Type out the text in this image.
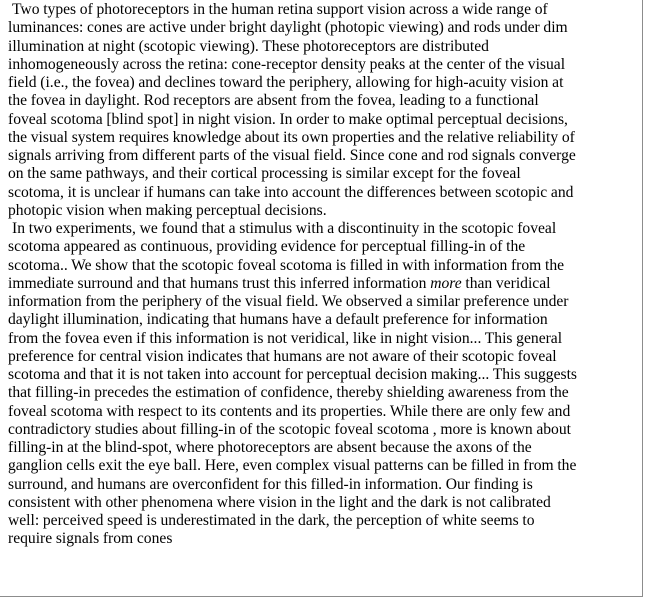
Two types of photoreceptors in the human retina support vision across a wide range of
luminances: cones are active under bright daylight (photopic viewing) and rods under dim
illumination at night (scotopic viewing). These photoreceptors are distributed
inhomogeneously across the retina: cone-receptor density peaks at the center of the visual
field (i.e., the fovea) and declines toward the periphery, allowing for high-acuity vision at
the fovea in daylight. Rod receptors are absent from the fovea, leading to a functional
foveal scotoma [blind spot] in night vision. In order to make optimal perceptual decisions,
the visual system requires knowledge about its own properties and the relative reliability of
signals arriving from different parts of the visual field. Since cone and rod signals converge
on the same pathways, and their cortical processing is similar except for the foveal
scotoma, it is unclear if humans can take into account the differences between scotopic and
photopic vision when making perceptual decisions.

In two experiments, we found that a stimulus with a discontinuity in the scotopic foveal
scotoma appeared as continuous, providing evidence for perceptual filling-in of the
scotoma.. We show that the scotopic foveal scotoma is filled in with information from the
immediate surround and that humans trust this inferred information more than veridical
information from the periphery of the visual field. We observed a similar preference under
daylight illumination, indicating that humans have a default preference for information
from the fovea even if this information is not veridical, like in night vision... This general
preference for central vision indicates that humans are not aware of their scotopic foveal
scotoma and that it is not taken into account for perceptual decision making... This suggests
that filling-in precedes the estimation of confidence, thereby shielding awareness from the
foveal scotoma with respect to its contents and its properties. While there are only few and
contradictory studies about filling-in of the scotopic foveal scotoma , more is known about
filling-in at the blind-spot, where photoreceptors are absent because the axons of the
ganglion cells exit the eye ball. Here, even complex visual patterns can be filled in from the
surround, and humans are overconfident for this filled-in information. Our finding is
consistent with other phenomena where vision in the light and the dark is not calibrated
well: perceived speed is underestimated in the dark, the perception of white seems to
require signals from cones
